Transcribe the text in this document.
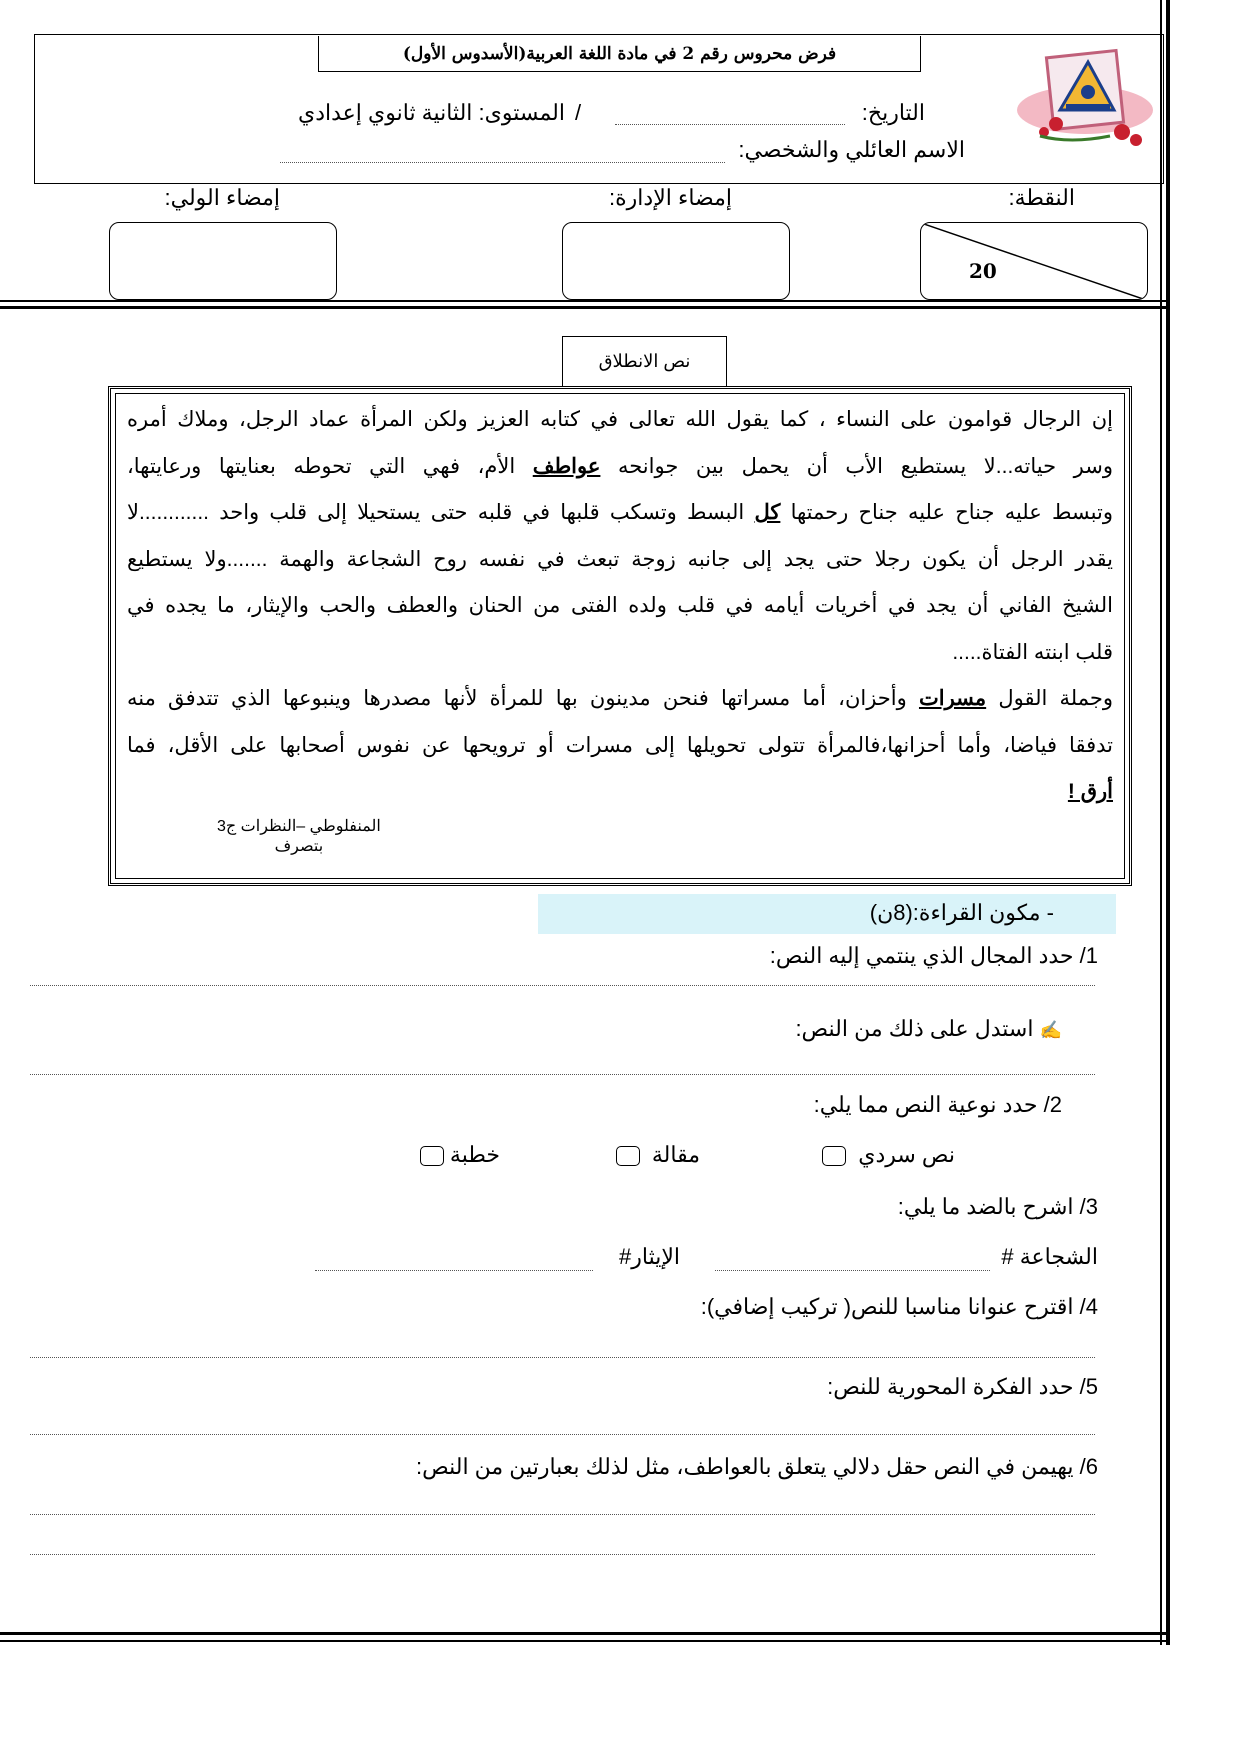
فرض محروس رقم 2 في مادة اللغة العربية(الأسدوس الأول)
التاريخ:
/
المستوى: الثانية ثانوي إعدادي
الاسم العائلي والشخصي:
النقطة:
إمضاء الإدارة:
إمضاء الولي:
20
نص الانطلاق
إن الرجال قوامون على النساء ، كما يقول الله تعالى في كتابه العزيز ولكن المرأة عماد الرجل، وملاك أمره
وسر حياته...لا يستطيع الأب أن يحمل بين جوانحه عواطف الأم، فهي التي تحوطه بعنايتها ورعايتها،
وتبسط عليه جناح عليه جناح رحمتها كل البسط وتسكب قلبها في قلبه حتى يستحيلا إلى قلب واحد ............لا
يقدر الرجل أن يكون رجلا حتى يجد إلى جانبه زوجة تبعث في نفسه روح الشجاعة والهمة .......ولا يستطيع
الشيخ الفاني أن يجد في أخريات أيامه في قلب ولده الفتى من الحنان والعطف والحب والإيثار، ما يجده في
قلب ابنته الفتاة.....
وجملة القول مسرات وأحزان، أما مسراتها فنحن مدينون بها للمرأة لأنها مصدرها وينبوعها الذي تتدفق منه
تدفقا فياضا، وأما أحزانها،فالمرأة تتولى تحويلها إلى مسرات أو ترويحها عن نفوس أصحابها على الأقل، فما
أرق !
المنفلوطي –النظرات ج3
بتصرف
- مكون القراءة:(8ن)
1/ حدد المجال الذي ينتمي إليه النص:
✍ استدل على ذلك من النص:
2/ حدد نوعية النص مما يلي:
نص سردي
مقالة
خطبة
3/ اشرح بالضد ما يلي:
الشجاعة #
الإيثار#
4/ اقترح عنوانا مناسبا للنص( تركيب إضافي):
5/ حدد الفكرة المحورية للنص:
6/ يهيمن في النص حقل دلالي يتعلق بالعواطف، مثل لذلك بعبارتين من النص:
